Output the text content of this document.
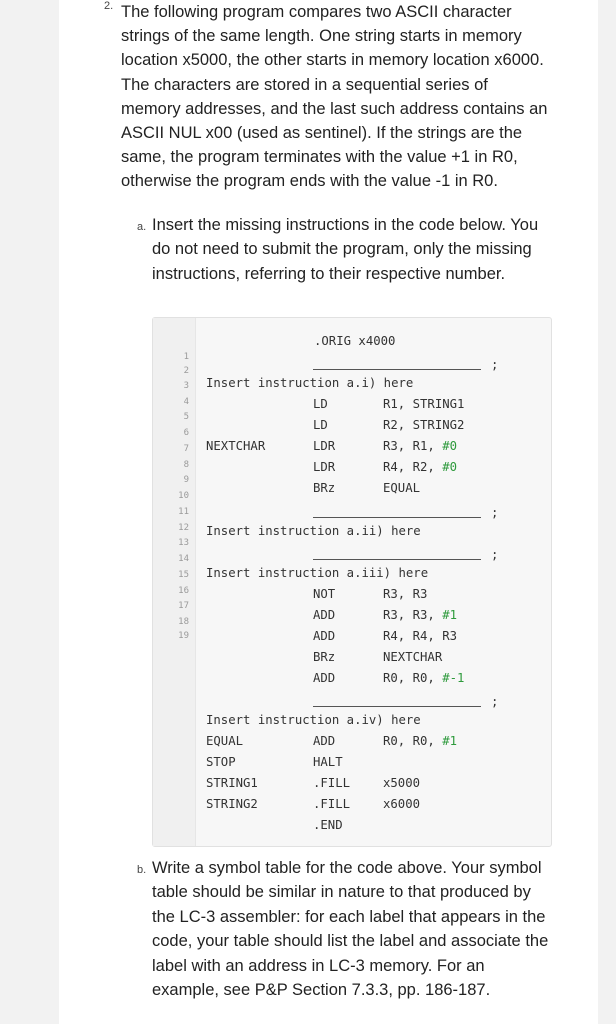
2. The following program compares two ASCII character strings of the same length. One string starts in memory location x5000, the other starts in memory location x6000. The characters are stored in a sequential series of memory addresses, and the last such address contains an ASCII NUL x00 (used as sentinel). If the strings are the same, the program terminates with the value +1 in R0, otherwise the program ends with the value -1 in R0.

a. Insert the missing instructions in the code below. You do not need to submit the program, only the missing instructions, referring to their respective number.

1
2
3
4
5
6
7
8
9
10
11
12
13
14
15
16
17
18
19
.ORIG x4000
;
Insert instruction a.i) here
LD	R1, STRING1
LD	R2, STRING2
NEXTCHAR	LDR	R3, R1, #0
LDR	R4, R2, #0
BRz	EQUAL
;
Insert instruction a.ii) here
;
Insert instruction a.iii) here
NOT	R3, R3
ADD	R3, R3, #1
ADD	R4, R4, R3
BRz	NEXTCHAR
ADD	R0, R0, #-1
;
Insert instruction a.iv) here
EQUAL	ADD	R0, R0, #1
STOP	HALT
STRING1	.FILL	x5000
STRING2	.FILL	x6000
.END
b. Write a symbol table for the code above. Your symbol table should be similar in nature to that produced by the LC-3 assembler: for each label that appears in the code, your table should list the label and associate the label with an address in LC-3 memory. For an example, see P&P Section 7.3.3, pp. 186-187.
